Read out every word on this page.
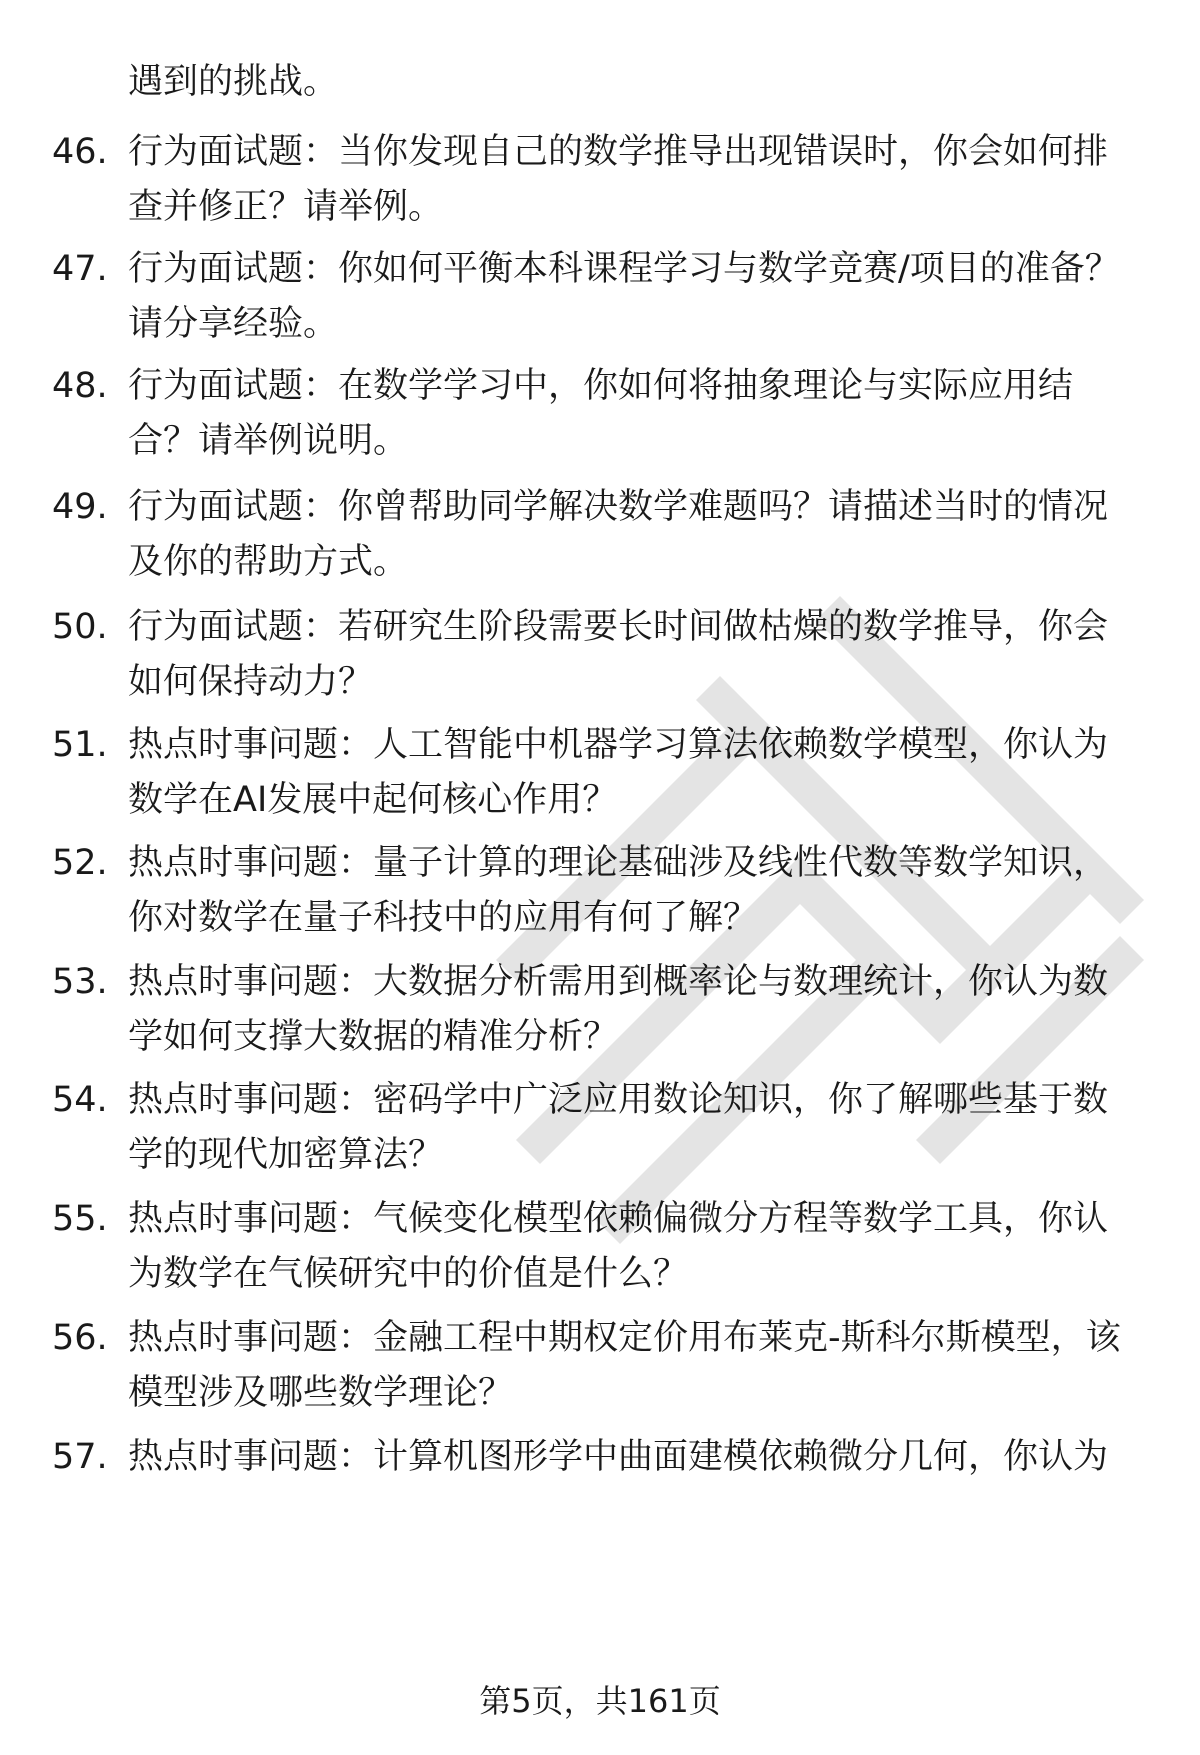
遇到的挑战。
46. 行为面试题：当你发现自己的数学推导出现错误时，你会如何排
查并修正？请举例。
47. 行为面试题：你如何平衡本科课程学习与数学竞赛/项目的准备？
请分享经验。
48. 行为面试题：在数学学习中，你如何将抽象理论与实际应用结
合？请举例说明。
49. 行为面试题：你曾帮助同学解决数学难题吗？请描述当时的情况
及你的帮助方式。
50. 行为面试题：若研究生阶段需要长时间做枯燥的数学推导，你会
如何保持动力？
51. 热点时事问题：人工智能中机器学习算法依赖数学模型，你认为
数学在AI发展中起何核心作用？
52. 热点时事问题：量子计算的理论基础涉及线性代数等数学知识，
你对数学在量子科技中的应用有何了解？
53. 热点时事问题：大数据分析需用到概率论与数理统计，你认为数
学如何支撑大数据的精准分析？
54. 热点时事问题：密码学中广泛应用数论知识，你了解哪些基于数
学的现代加密算法？
55. 热点时事问题：气候变化模型依赖偏微分方程等数学工具，你认
为数学在气候研究中的价值是什么？
56. 热点时事问题：金融工程中期权定价用布莱克-斯科尔斯模型，该
模型涉及哪些数学理论？
57. 热点时事问题：计算机图形学中曲面建模依赖微分几何，你认为
第5页，共161页
